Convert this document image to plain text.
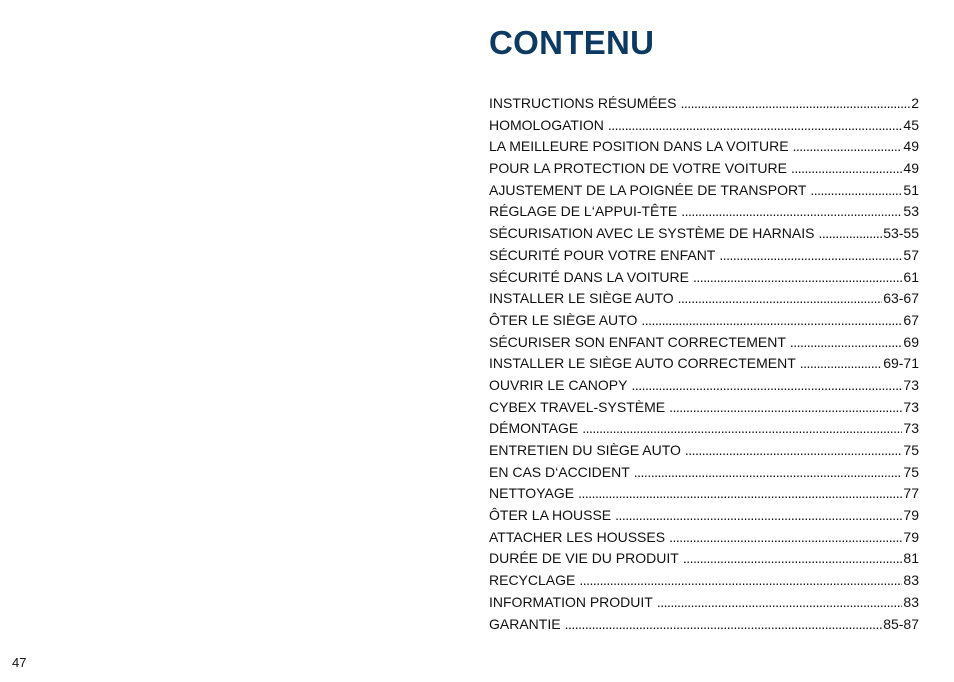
47
CONTENU
INSTRUCTIONS RÉSUMÉES . . .	2
HOMOLOGATION . . .	45
LA MEILLEURE POSITION DANS LA VOITURE . . .	49
POUR LA PROTECTION DE VOTRE VOITURE . . .	49
AJUSTEMENT DE LA POIGNÉE DE TRANSPORT . . .	51
RÉGLAGE DE L‘APPUI-TÊTE . . .	53
SÉCURISATION AVEC LE SYSTÈME DE HARNAIS . . .	53-55
SÉCURITÉ POUR VOTRE ENFANT . . .	57
SÉCURITÉ DANS LA VOITURE . . .	61
INSTALLER LE SIÈGE AUTO . . .	63-67
ÔTER LE SIÈGE AUTO . . .	67
SÉCURISER SON ENFANT CORRECTEMENT . . .	69
INSTALLER LE SIÈGE AUTO CORRECTEMENT . . .	69-71
OUVRIR LE CANOPY . . .	73
CYBEX TRAVEL-SYSTÈME . . .	73
DÉMONTAGE . . .	73
ENTRETIEN DU SIÈGE AUTO . . .	75
EN CAS D‘ACCIDENT . . .	75
NETTOYAGE . . .	77
ÔTER LA HOUSSE . . .	79
ATTACHER LES HOUSSES . . .	79
DURÉE DE VIE DU PRODUIT . . .	81
RECYCLAGE . . .	83
INFORMATION PRODUIT . . .	83
GARANTIE . . .	85-87
